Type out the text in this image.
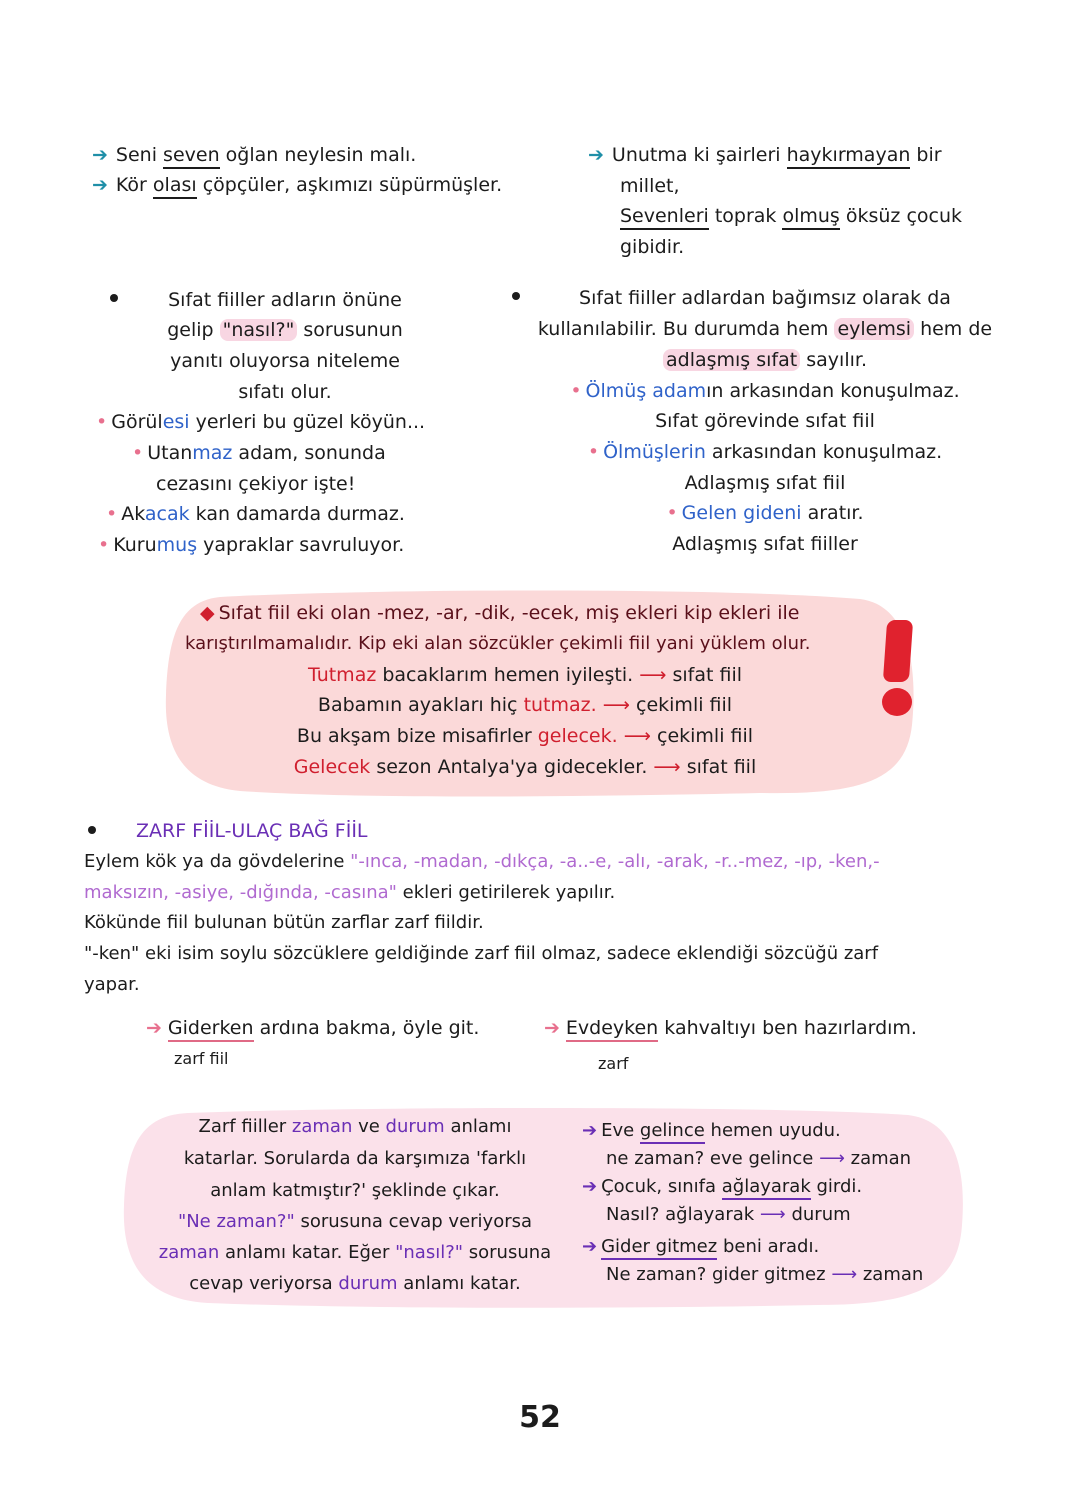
➔ Seni seven oğlan neylesin malı.
➔ Kör olası çöpçüler, aşkımızı süpürmüşler.
➔ Unutma ki şairleri haykırmayan bir
millet,
Sevenleri toprak olmuş öksüz çocuk
gibidir.
Sıfat fiiller adların önüne
gelip "nasıl?" sorusunun
yanıtı oluyorsa niteleme
sıfatı olur.
• Görülesi yerleri bu güzel köyün...
• Utanmaz adam, sonunda
cezasını çekiyor işte!
• Akacak kan damarda durmaz.
• Kurumuş yapraklar savruluyor.
Sıfat fiiller adlardan bağımsız olarak da
kullanılabilir. Bu durumda hem eylemsi hem de
adlaşmış sıfat sayılır.
• Ölmüş adamın arkasından konuşulmaz.
Sıfat görevinde sıfat fiil
• Ölmüşlerin arkasından konuşulmaz.
Adlaşmış sıfat fiil
• Gelen gideni aratır.
Adlaşmış sıfat fiiller
◆ Sıfat fiil eki olan -mez, -ar, -dik, -ecek, miş ekleri kip ekleri ile
karıştırılmamalıdır. Kip eki alan sözcükler çekimli fiil yani yüklem olur.
Tutmaz bacaklarım hemen iyileşti. ⟶ sıfat fiil
Babamın ayakları hiç tutmaz. ⟶ çekimli fiil
Bu akşam bize misafirler gelecek. ⟶ çekimli fiil
Gelecek sezon Antalya'ya gidecekler. ⟶ sıfat fiil
ZARF FİİL-ULAÇ BAĞ FİİL
Eylem kök ya da gövdelerine "-ınca, -madan, -dıkça, -a..-e, -alı, -arak, -r..-mez, -ıp, -ken,-
maksızın, -asiye, -dığında, -casına" ekleri getirilerek yapılır.
Kökünde fiil bulunan bütün zarflar zarf fiildir.
"-ken" eki isim soylu sözcüklere geldiğinde zarf fiil olmaz, sadece eklendiği sözcüğü zarf
yapar.
➔ Giderken ardına bakma, öyle git.
zarf fiil
➔ Evdeyken kahvaltıyı ben hazırlardım.
zarf
Zarf fiiller zaman ve durum anlamı
katarlar. Sorularda da karşımıza 'farklı
anlam katmıştır?' şeklinde çıkar.
"Ne zaman?" sorusuna cevap veriyorsa
zaman anlamı katar. Eğer "nasıl?" sorusuna
cevap veriyorsa durum anlamı katar.
➔ Eve gelince hemen uyudu.
ne zaman? eve gelince ⟶ zaman
➔ Çocuk, sınıfa ağlayarak girdi.
Nasıl? ağlayarak ⟶ durum
➔ Gider gitmez beni aradı.
Ne zaman? gider gitmez ⟶ zaman
52
